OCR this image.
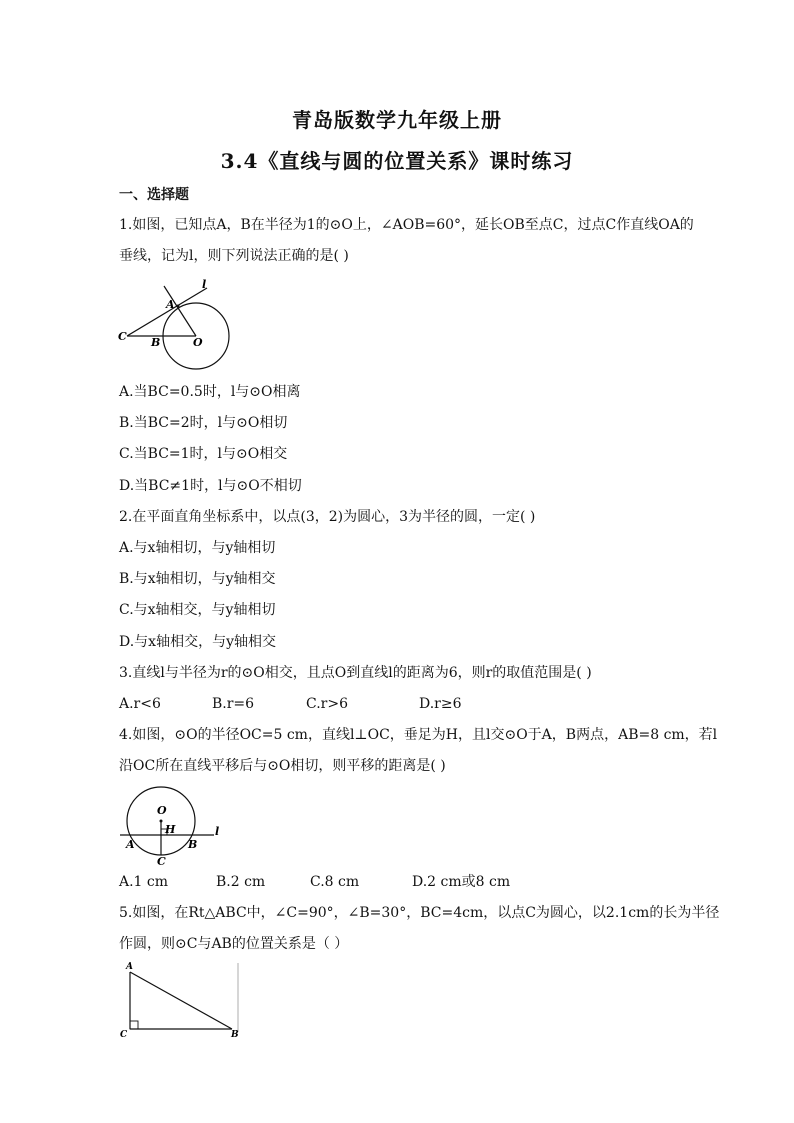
青岛版数学九年级上册
3.4《直线与圆的位置关系》课时练习
一、选择题
1.如图，已知点A，B在半径为1的⊙O上，∠AOB=60°，延长OB至点C，过点C作直线OA的
垂线，记为l，则下列说法正确的是( )
l
A
C B	O
A.当BC=0.5时，l与⊙O相离
B.当BC=2时，l与⊙O相切
C.当BC=1时，l与⊙O相交
D.当BC≠1时，l与⊙O不相切
2.在平面直角坐标系中，以点(3，2)为圆心，3为半径的圆，一定( )
A.与x轴相切，与y轴相切
B.与x轴相切，与y轴相交
C.与x轴相交，与y轴相切
D.与x轴相交，与y轴相交
3.直线l与半径为r的⊙O相交，且点O到直线l的距离为6，则r的取值范围是( )
A.r<6	B.r=6	C.r>6	D.r≥6
4.如图，⊙O的半径OC=5 cm，直线l⊥OC，垂足为H，且l交⊙O于A，B两点，AB=8 cm，若l
沿OC所在直线平移后与⊙O相切，则平移的距离是( )
O
H	l
A	B
C
A.1 cm	B.2 cm	C.8 cm	D.2 cm或8 cm
5.如图，在Rt△ABC中，∠C=90°，∠B=30°，BC=4cm，以点C为圆心，以2.1cm的长为半径
作圆，则⊙C与AB的位置关系是（ ）
A
C	B
